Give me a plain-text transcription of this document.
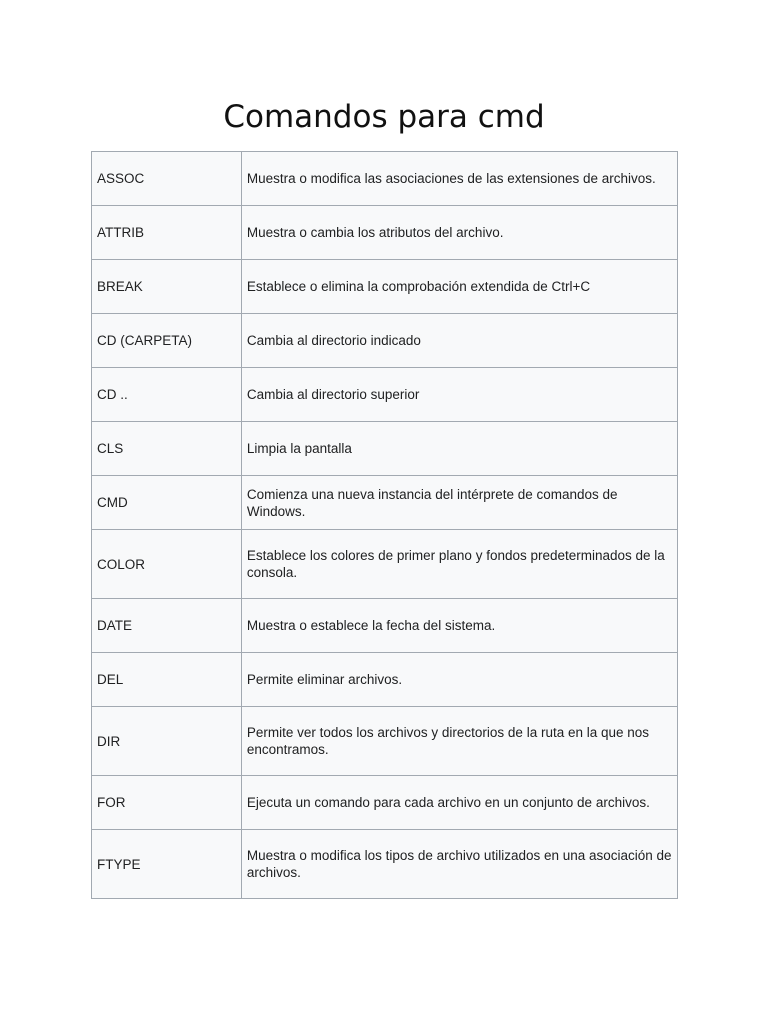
Comandos para cmd
ASSOC	Muestra o modifica las asociaciones de las extensiones de archivos.
ATTRIB	Muestra o cambia los atributos del archivo.
BREAK	Establece o elimina la comprobación extendida de Ctrl+C
CD (CARPETA)	Cambia al directorio indicado
CD ..	Cambia al directorio superior
CLS	Limpia la pantalla
CMD	Comienza una nueva instancia del intérprete de comandos de Windows.
COLOR	Establece los colores de primer plano y fondos predeterminados de la consola.
DATE	Muestra o establece la fecha del sistema.
DEL	Permite eliminar archivos.
DIR	Permite ver todos los archivos y directorios de la ruta en la que nos encontramos.
FOR	Ejecuta un comando para cada archivo en un conjunto de archivos.
FTYPE	Muestra o modifica los tipos de archivo utilizados en una asociación de archivos.
